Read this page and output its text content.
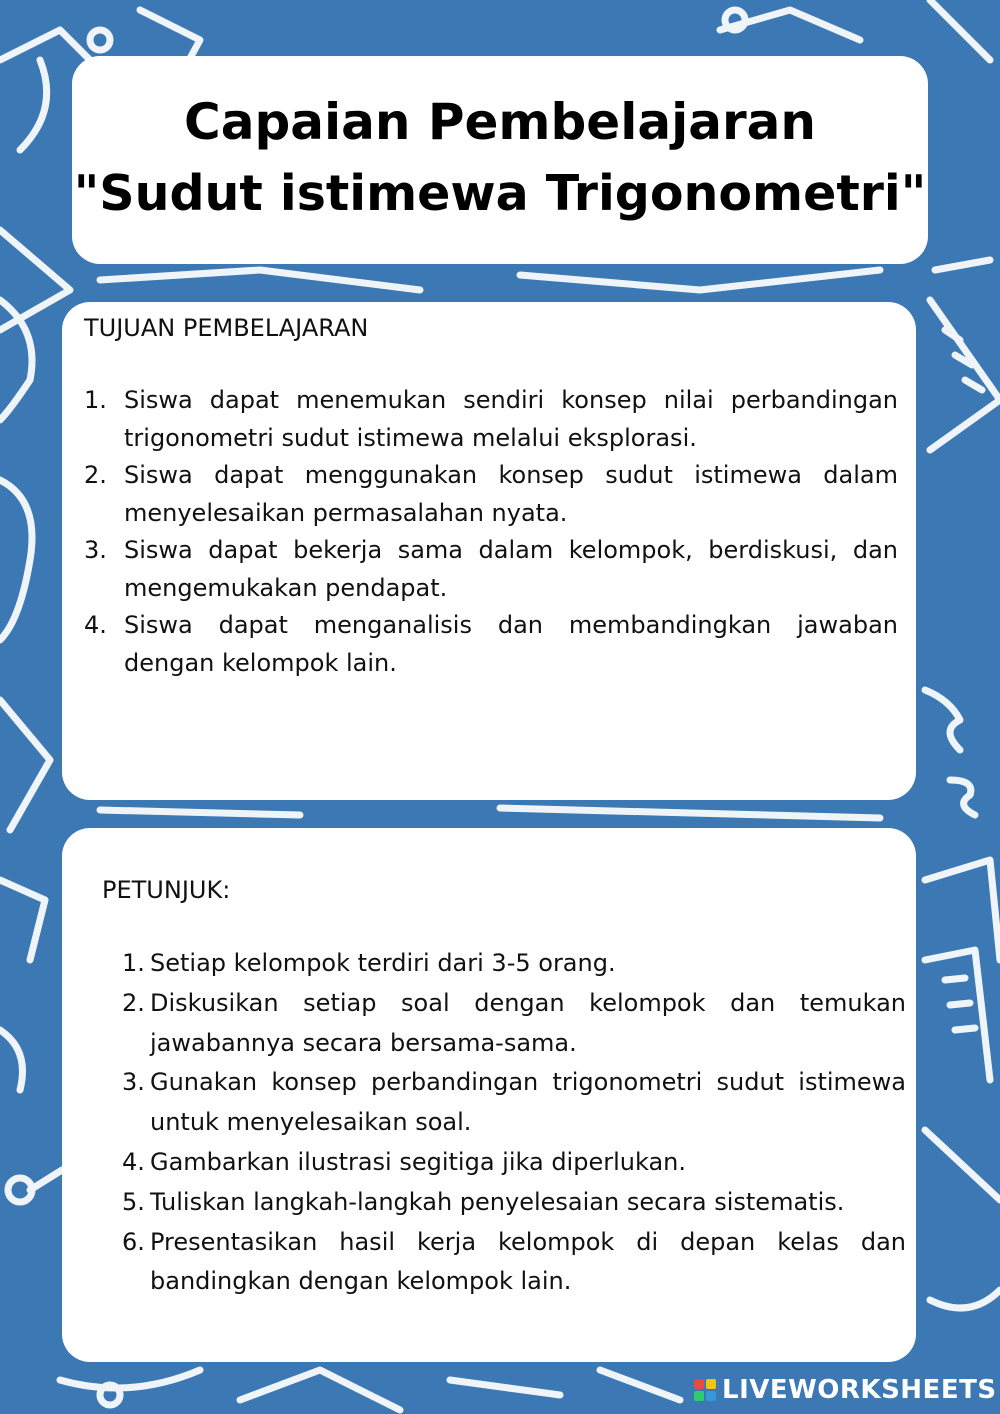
Capaian Pembelajaran
"Sudut istimewa Trigonometri"
TUJUAN PEMBELAJARAN
1. Siswa dapat menemukan sendiri konsep nilai perbandingan trigonometri sudut istimewa melalui eksplorasi.
2. Siswa dapat menggunakan konsep sudut istimewa dalam menyelesaikan permasalahan nyata.
3. Siswa dapat bekerja sama dalam kelompok, berdiskusi, dan mengemukakan pendapat.
4. Siswa dapat menganalisis dan membandingkan jawaban dengan kelompok lain.
PETUNJUK:
1. Setiap kelompok terdiri dari 3-5 orang.
2. Diskusikan setiap soal dengan kelompok dan temukan jawabannya secara bersama-sama.
3. Gunakan konsep perbandingan trigonometri sudut istimewa untuk menyelesaikan soal.
4. Gambarkan ilustrasi segitiga jika diperlukan.
5. Tuliskan langkah-langkah penyelesaian secara sistematis.
6. Presentasikan hasil kerja kelompok di depan kelas dan bandingkan dengan kelompok lain.
LIVEWORKSHEETS
